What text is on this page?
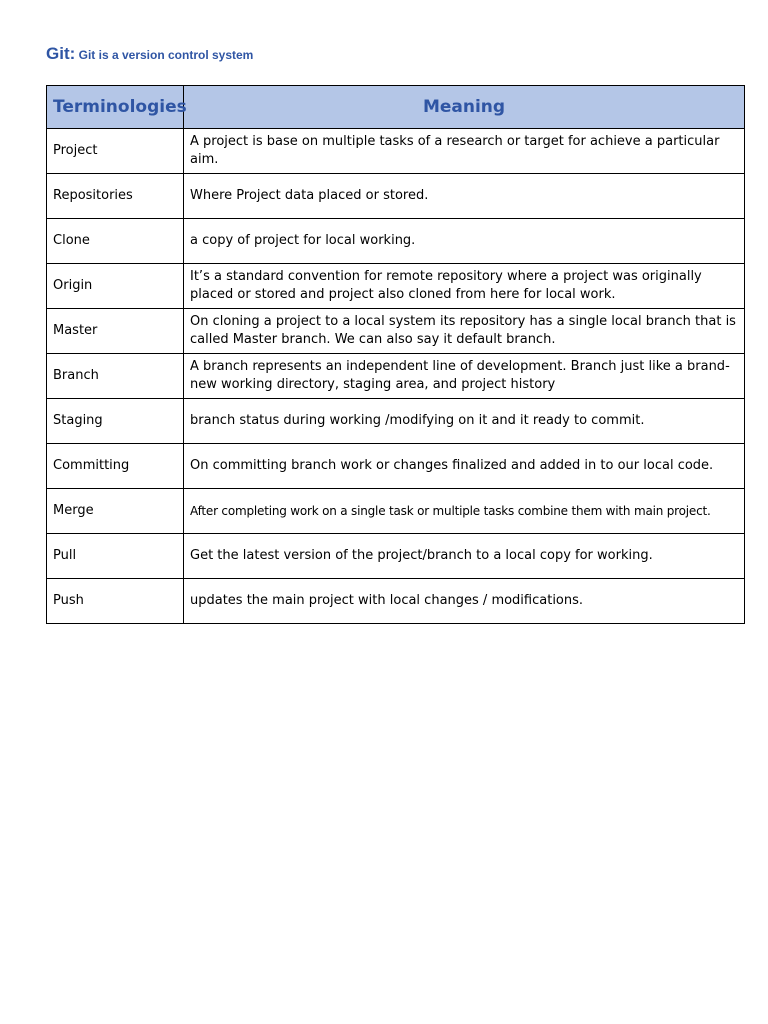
Git: Git is a version control system
Terminologies	Meaning
Project	A project is base on multiple tasks of a research or target for achieve a particular aim.
Repositories	Where Project data placed or stored.
Clone	a copy of project for local working.
Origin	It’s a standard convention for remote repository where a project was originally placed or stored and project also cloned from here for local work.
Master	On cloning a project to a local system its repository has a single local branch that is called Master branch. We can also say it default branch.
Branch	A branch represents an independent line of development. Branch just like a brand-new working directory, staging area, and project history
Staging	branch status during working /modifying on it and it ready to commit.
Committing	On committing branch work or changes finalized and added in to our local code.
Merge	After completing work on a single task or multiple tasks combine them with main project.
Pull	Get the latest version of the project/branch to a local copy for working.
Push	updates the main project with local changes / modifications.
